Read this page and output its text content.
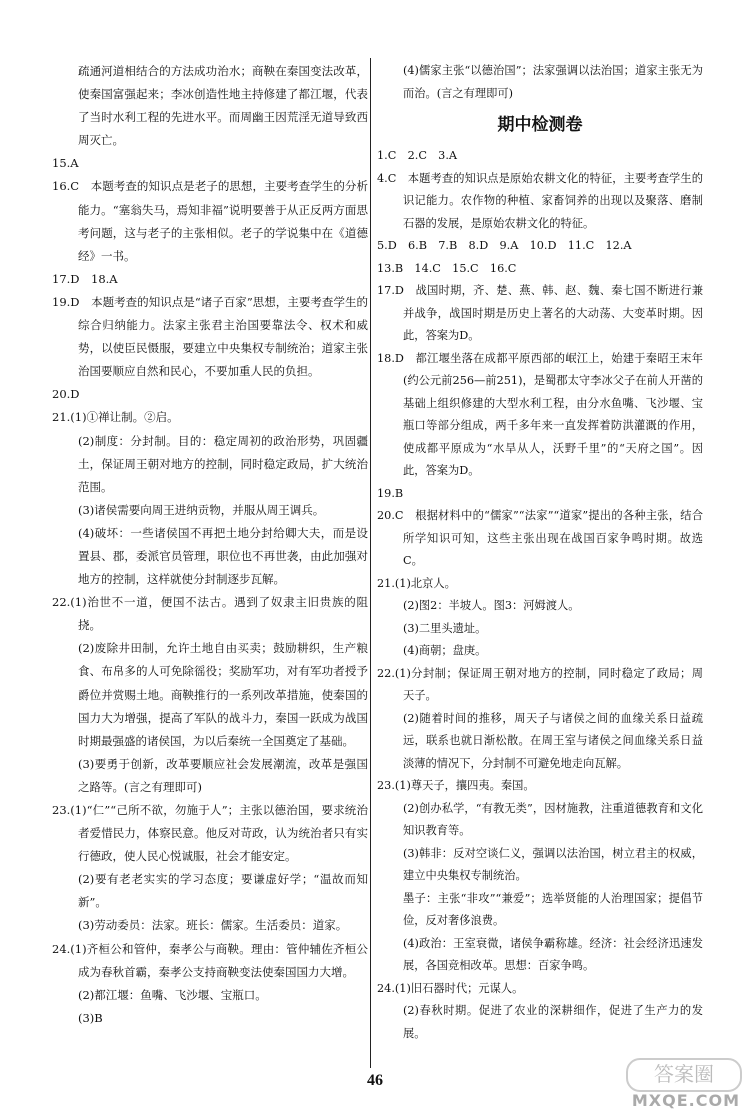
疏通河道相结合的方法成功治水；商鞅在秦国变法改革，使秦国富强起来；李冰创造性地主持修建了都江堰，代表了当时水利工程的先进水平。而周幽王因荒淫无道导致西周灭亡。

15.A

16.C　本题考查的知识点是老子的思想，主要考查学生的分析能力。“塞翁失马，焉知非福”说明要善于从正反两方面思考问题，这与老子的主张相似。老子的学说集中在《道德经》一书。

17.D　18.A

19.D　本题考查的知识点是“诸子百家”思想，主要考查学生的综合归纳能力。法家主张君主治国要靠法令、权术和威势，以使臣民慑服，要建立中央集权专制统治；道家主张治国要顺应自然和民心，不要加重人民的负担。

20.D

21.(1)①禅让制。②启。

(2)制度：分封制。目的：稳定周初的政治形势，巩固疆土，保证周王朝对地方的控制，同时稳定政局，扩大统治范围。

(3)诸侯需要向周王进纳贡物，并服从周王调兵。

(4)破坏：一些诸侯国不再把土地分封给卿大夫，而是设置县、郡，委派官员管理，职位也不再世袭，由此加强对地方的控制，这样就使分封制逐步瓦解。

22.(1)治世不一道，便国不法古。遇到了奴隶主旧贵族的阻挠。

(2)废除井田制，允许土地自由买卖；鼓励耕织，生产粮食、布帛多的人可免除徭役；奖励军功，对有军功者授予爵位并赏赐土地。商鞅推行的一系列改革措施，使秦国的国力大为增强，提高了军队的战斗力，秦国一跃成为战国时期最强盛的诸侯国，为以后秦统一全国奠定了基础。

(3)要勇于创新，改革要顺应社会发展潮流，改革是强国之路等。(言之有理即可)

23.(1)“仁”“己所不欲，勿施于人”；主张以德治国，要求统治者爱惜民力，体察民意。他反对苛政，认为统治者只有实行德政，使人民心悦诚服，社会才能安定。

(2)要有老老实实的学习态度；要谦虚好学；“温故而知新”。

(3)劳动委员：法家。班长：儒家。生活委员：道家。

24.(1)齐桓公和管仲，秦孝公与商鞅。理由：管仲辅佐齐桓公成为春秋首霸，秦孝公支持商鞅变法使秦国国力大增。

(2)都江堰：鱼嘴、飞沙堰、宝瓶口。

(3)B

(4)儒家主张“以德治国”；法家强调以法治国；道家主张无为而治。(言之有理即可)

期中检测卷

1.C　2.C　3.A

4.C　本题考查的知识点是原始农耕文化的特征，主要考查学生的识记能力。农作物的种植、家畜饲养的出现以及聚落、磨制石器的发展，是原始农耕文化的特征。

5.D　6.B　7.B　8.D　9.A　10.D　11.C　12.A

13.B　14.C　15.C　16.C

17.D　战国时期，齐、楚、燕、韩、赵、魏、秦七国不断进行兼并战争，战国时期是历史上著名的大动荡、大变革时期。因此，答案为D。

18.D　都江堰坐落在成都平原西部的岷江上，始建于秦昭王末年(约公元前256—前251)，是蜀郡太守李冰父子在前人开凿的基础上组织修建的大型水利工程，由分水鱼嘴、飞沙堰、宝瓶口等部分组成，两千多年来一直发挥着防洪灌溉的作用，使成都平原成为“水旱从人，沃野千里”的“天府之国”。因此，答案为D。

19.B

20.C　根据材料中的“儒家”“法家”“道家”提出的各种主张，结合所学知识可知，这些主张出现在战国百家争鸣时期。故选C。

21.(1)北京人。

(2)图2：半坡人。图3：河姆渡人。

(3)二里头遗址。

(4)商朝；盘庚。

22.(1)分封制；保证周王朝对地方的控制，同时稳定了政局；周天子。

(2)随着时间的推移，周天子与诸侯之间的血缘关系日益疏远，联系也就日渐松散。在周王室与诸侯之间血缘关系日益淡薄的情况下，分封制不可避免地走向瓦解。

23.(1)尊天子，攘四夷。秦国。

(2)创办私学，“有教无类”，因材施教，注重道德教育和文化知识教育等。

(3)韩非：反对空谈仁义，强调以法治国，树立君主的权威，建立中央集权专制统治。

墨子：主张“非攻”“兼爱”；选举贤能的人治理国家；提倡节俭，反对奢侈浪费。

(4)政治：王室衰微，诸侯争霸称雄。经济：社会经济迅速发展，各国竞相改革。思想：百家争鸣。

24.(1)旧石器时代；元谋人。

(2)春秋时期。促进了农业的深耕细作，促进了生产力的发展。

46	答案圈
MXQE.COM
